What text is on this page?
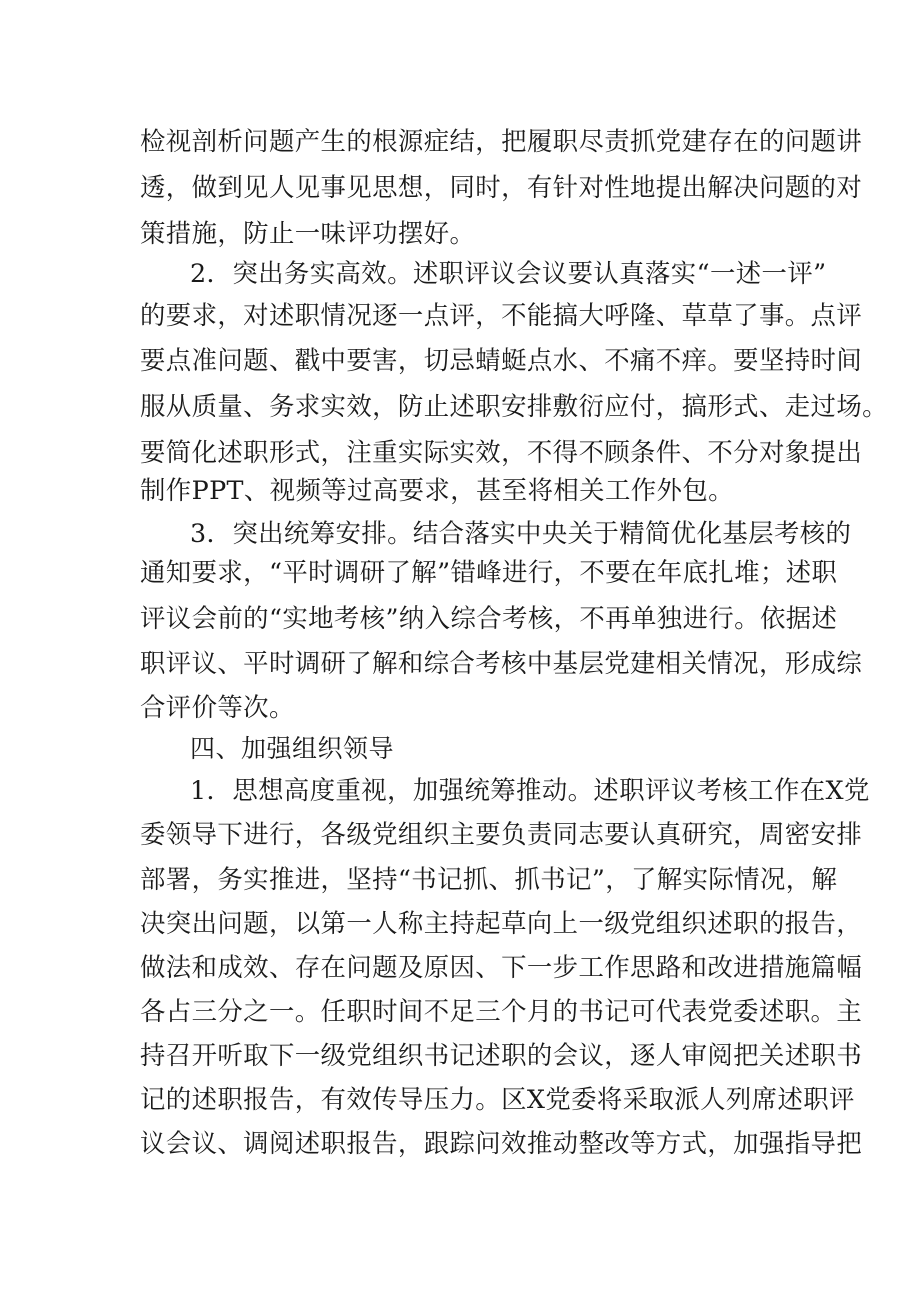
检视剖析问题产生的根源症结，把履职尽责抓党建存在的问题讲
透，做到见人见事见思想，同时，有针对性地提出解决问题的对
策措施，防止一味评功摆好。
2．突出务实高效。述职评议会议要认真落实“一述一评”
的要求，对述职情况逐一点评，不能搞大呼隆、草草了事。点评
要点准问题、戳中要害，切忌蜻蜓点水、不痛不痒。要坚持时间
服从质量、务求实效，防止述职安排敷衍应付，搞形式、走过场。
要简化述职形式，注重实际实效，不得不顾条件、不分对象提出
制作PPT、视频等过高要求，甚至将相关工作外包。
3．突出统筹安排。结合落实中央关于精简优化基层考核的
通知要求，“平时调研了解”错峰进行，不要在年底扎堆；述职
评议会前的“实地考核”纳入综合考核，不再单独进行。依据述
职评议、平时调研了解和综合考核中基层党建相关情况，形成综
合评价等次。
四、加强组织领导
1．思想高度重视，加强统筹推动。述职评议考核工作在X党
委领导下进行，各级党组织主要负责同志要认真研究，周密安排
部署，务实推进，坚持“书记抓、抓书记”，了解实际情况，解
决突出问题，以第一人称主持起草向上一级党组织述职的报告，
做法和成效、存在问题及原因、下一步工作思路和改进措施篇幅
各占三分之一。任职时间不足三个月的书记可代表党委述职。主
持召开听取下一级党组织书记述职的会议，逐人审阅把关述职书
记的述职报告，有效传导压力。区X党委将采取派人列席述职评
议会议、调阅述职报告，跟踪问效推动整改等方式，加强指导把
